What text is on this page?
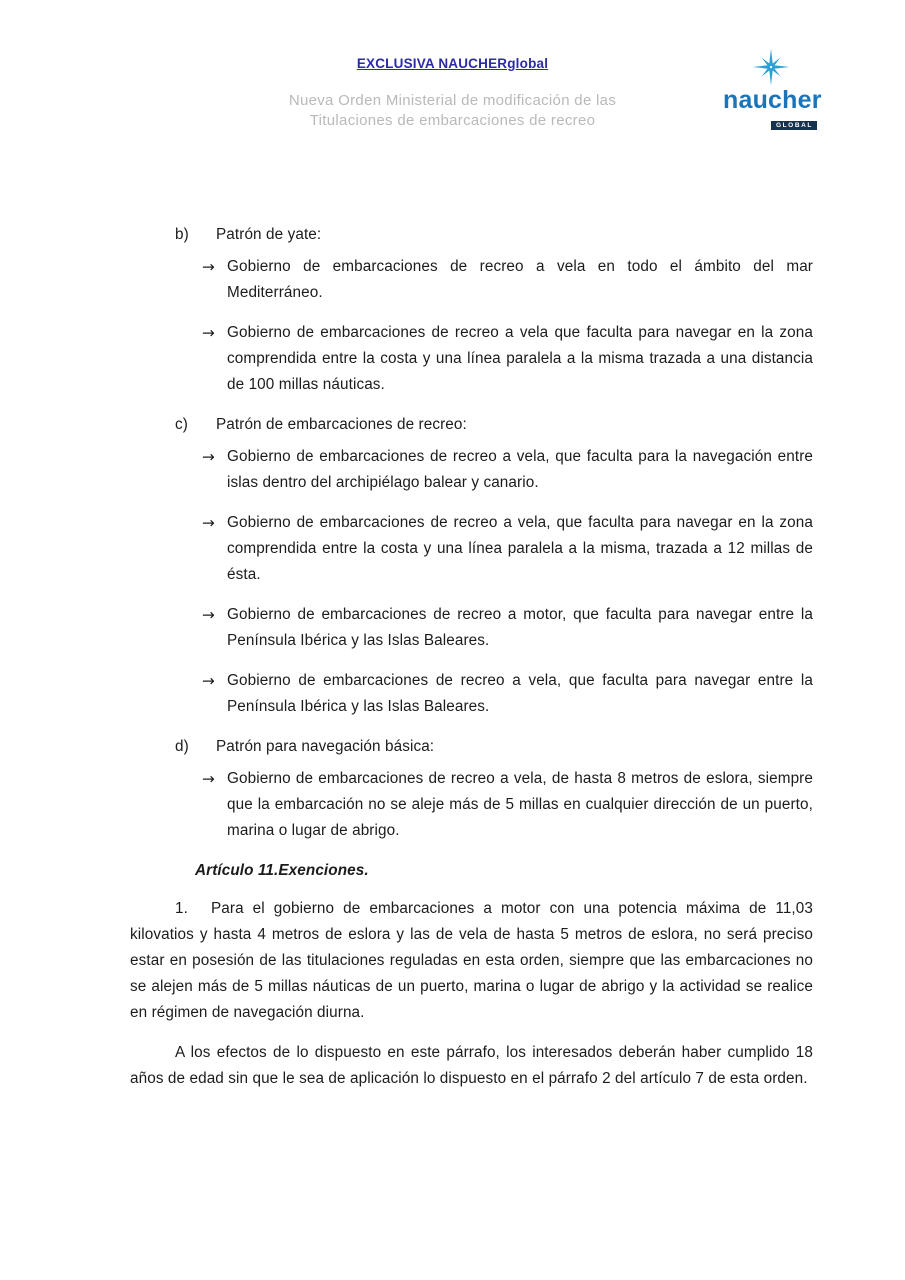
EXCLUSIVA NAUCHERglobal
Nueva Orden Ministerial de modificación de las
Titulaciones de embarcaciones de recreo
naucher
GLOBAL
b) Patrón de yate:
→ Gobierno de embarcaciones de recreo a vela en todo el ámbito del mar Mediterráneo.
→ Gobierno de embarcaciones de recreo a vela que faculta para navegar en la zona comprendida entre la costa y una línea paralela a la misma trazada a una distancia de 100 millas náuticas.
c) Patrón de embarcaciones de recreo:
→ Gobierno de embarcaciones de recreo a vela, que faculta para la navegación entre islas dentro del archipiélago balear y canario.
→ Gobierno de embarcaciones de recreo a vela, que faculta para navegar en la zona comprendida entre la costa y una línea paralela a la misma, trazada a 12 millas de ésta.
→ Gobierno de embarcaciones de recreo a motor, que faculta para navegar entre la Península Ibérica y las Islas Baleares.
→ Gobierno de embarcaciones de recreo a vela, que faculta para navegar entre la Península Ibérica y las Islas Baleares.
d) Patrón para navegación básica:
→ Gobierno de embarcaciones de recreo a vela, de hasta 8 metros de eslora, siempre que la embarcación no se aleje más de 5 millas en cualquier dirección de un puerto, marina o lugar de abrigo.
Artículo 11.Exenciones.

1. Para el gobierno de embarcaciones a motor con una potencia máxima de 11,03 kilovatios y hasta 4 metros de eslora y las de vela de hasta 5 metros de eslora, no será preciso estar en posesión de las titulaciones reguladas en esta orden, siempre que las embarcaciones no se alejen más de 5 millas náuticas de un puerto, marina o lugar de abrigo y la actividad se realice en régimen de navegación diurna.

A los efectos de lo dispuesto en este párrafo, los interesados deberán haber cumplido 18 años de edad sin que le sea de aplicación lo dispuesto en el párrafo 2 del artículo 7 de esta orden.
